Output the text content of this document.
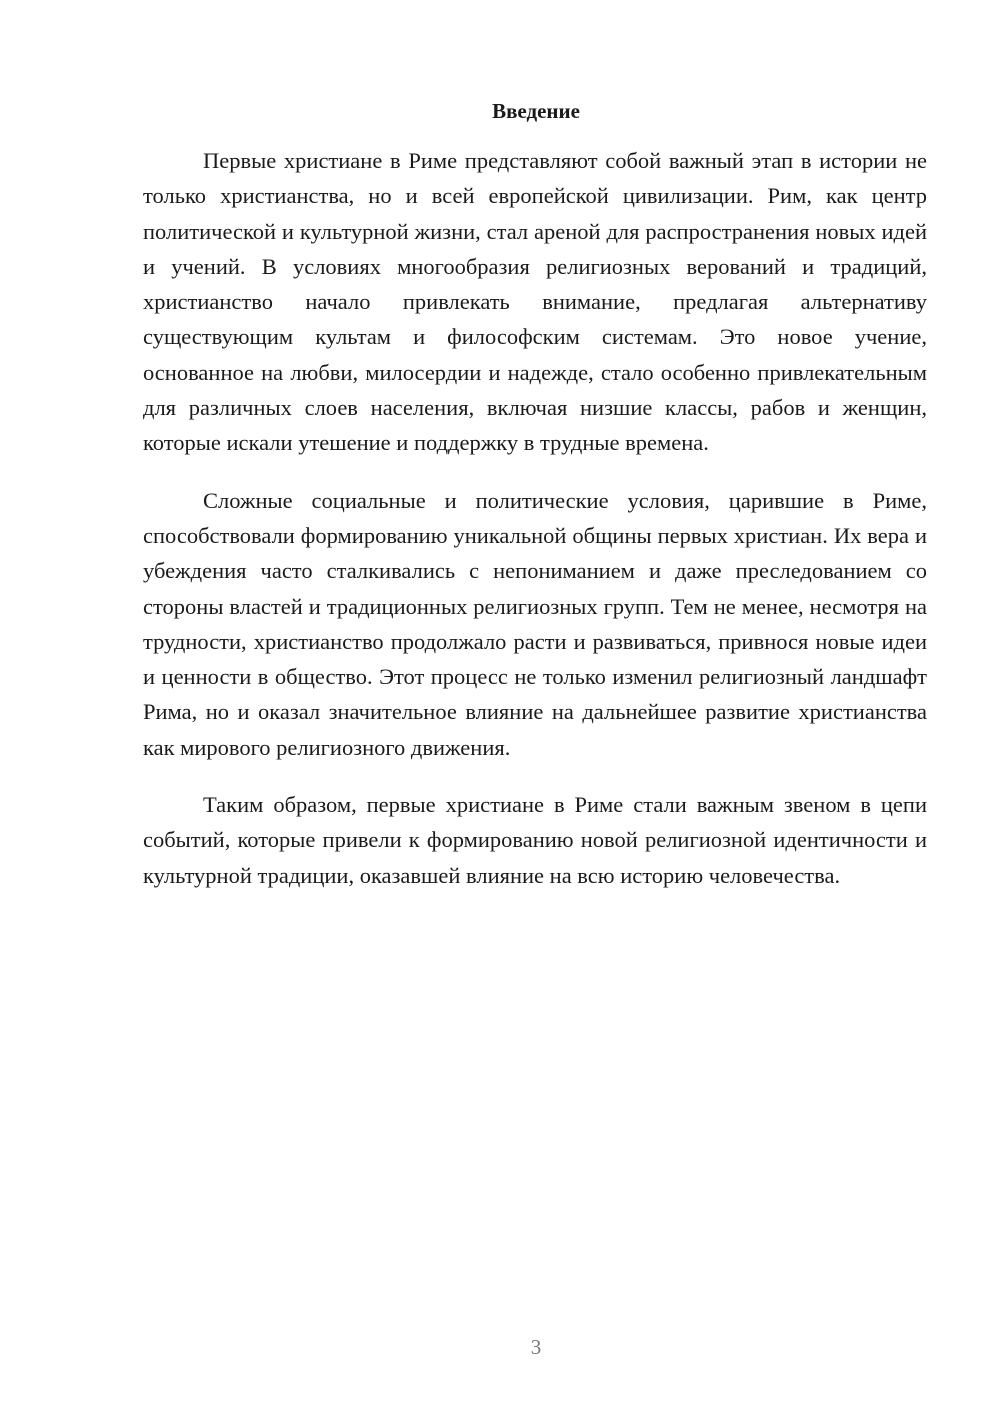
Введение

Первые христиане в Риме представляют собой важный этап в истории не только христианства, но и всей европейской цивилизации. Рим, как центр политической и культурной жизни, стал ареной для распространения новых идей и учений. В условиях многообразия религиозных верований и традиций, христианство начало привлекать внимание, предлагая альтернативу существующим культам и философским системам. Это новое учение, основанное на любви, милосердии и надежде, стало особенно привлекательным для различных слоев населения, включая низшие классы, рабов и женщин, которые искали утешение и поддержку в трудные времена.

Сложные социальные и политические условия, царившие в Риме, способствовали формированию уникальной общины первых христиан. Их вера и убеждения часто сталкивались с непониманием и даже преследованием со стороны властей и традиционных религиозных групп. Тем не менее, несмотря на трудности, христианство продолжало расти и развиваться, привнося новые идеи и ценности в общество. Этот процесс не только изменил религиозный ландшафт Рима, но и оказал значительное влияние на дальнейшее развитие христианства как мирового религиозного движения.

Таким образом, первые христиане в Риме стали важным звеном в цепи событий, которые привели к формированию новой религиозной идентичности и культурной традиции, оказавшей влияние на всю историю человечества.

3
